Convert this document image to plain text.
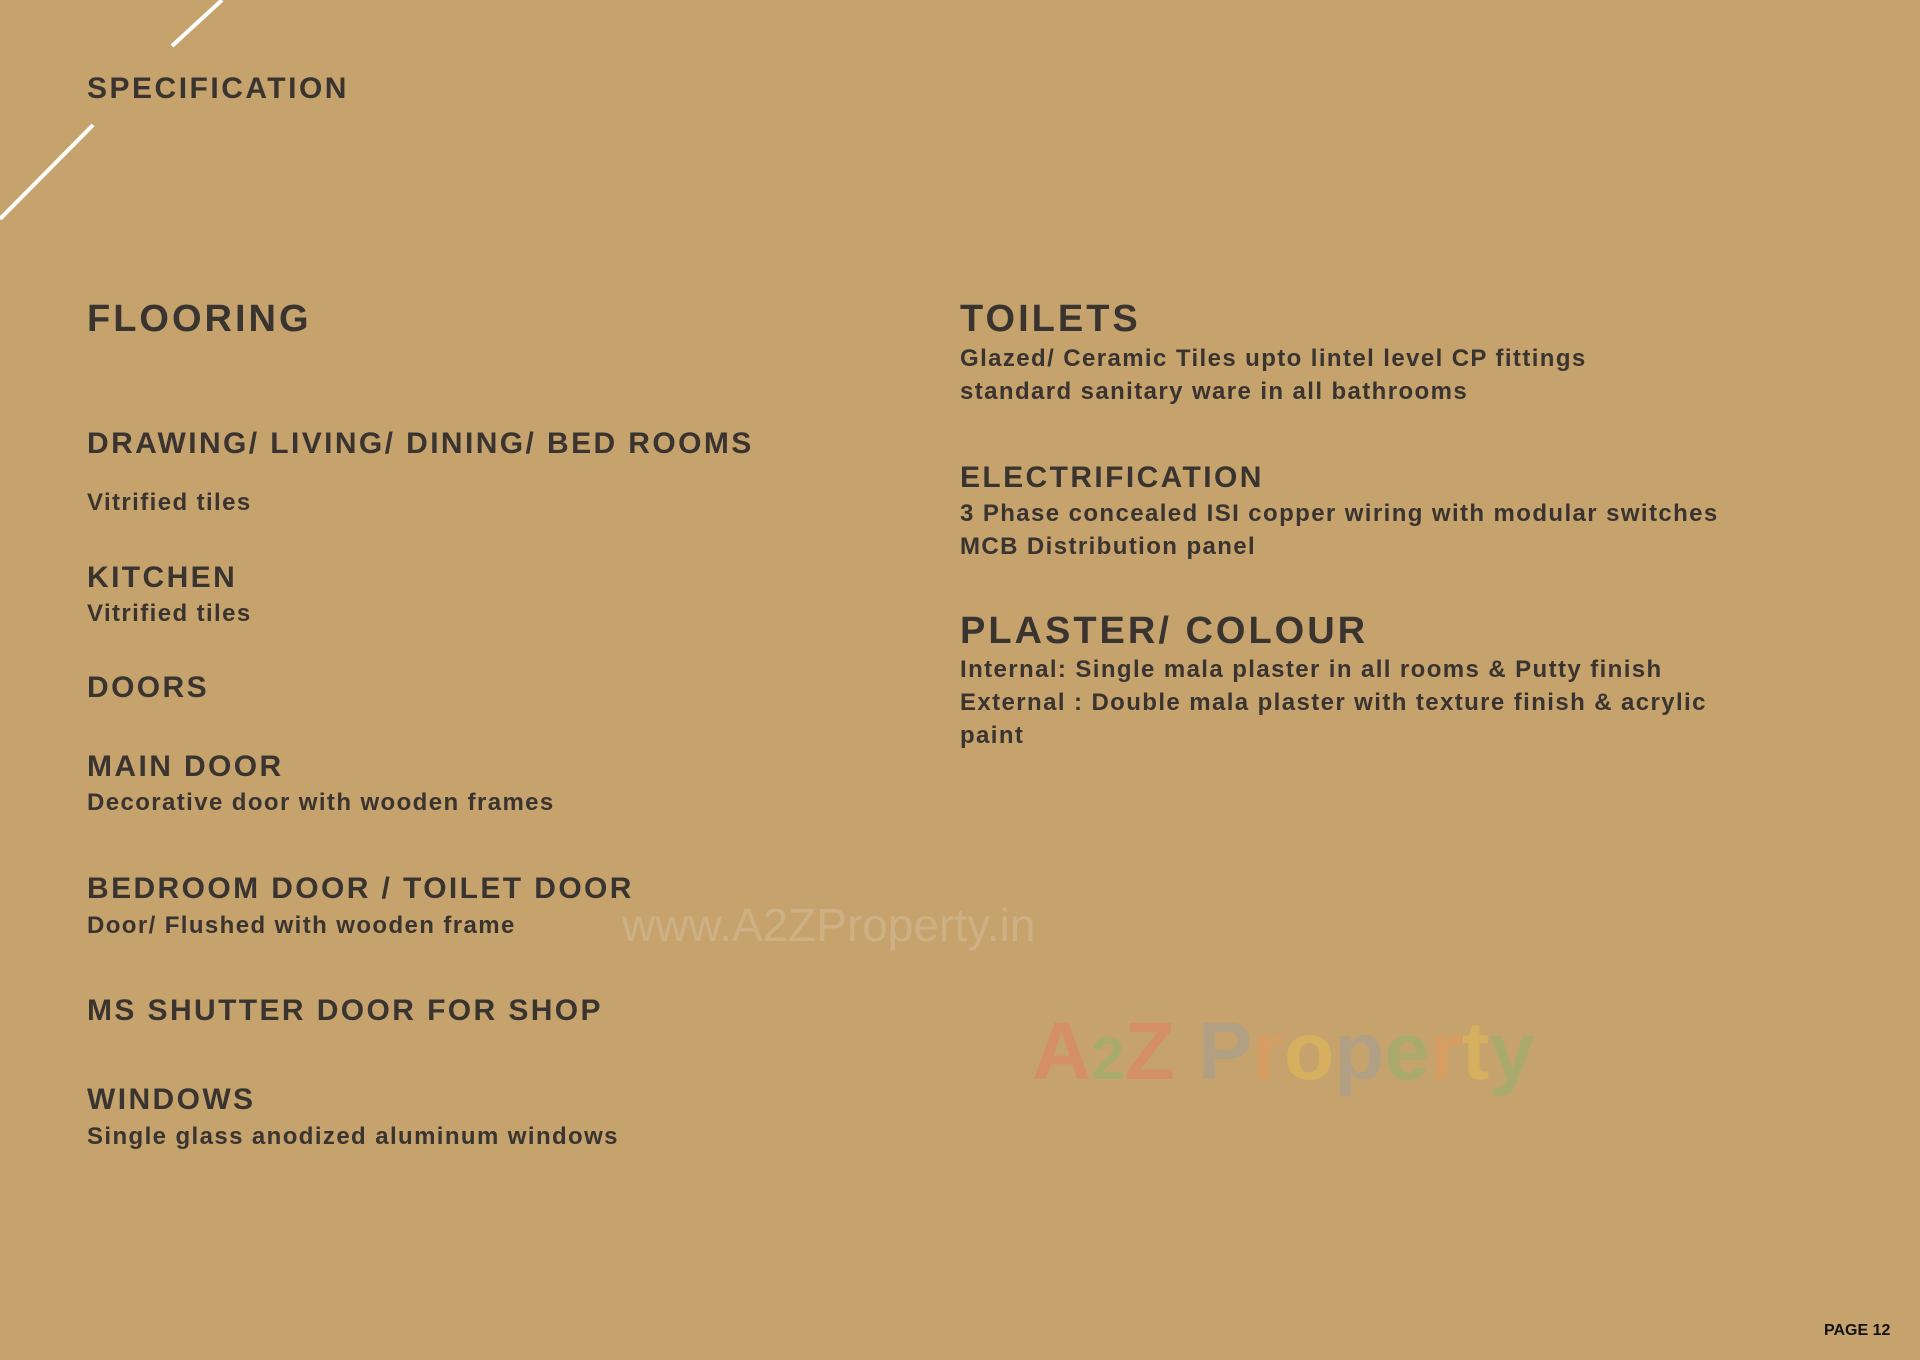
SPECIFICATION
FLOORING
DRAWING/ LIVING/ DINING/ BED ROOMS
Vitrified tiles
KITCHEN
Vitrified tiles
DOORS
MAIN DOOR
Decorative door with wooden frames
BEDROOM DOOR / TOILET DOOR
Door/ Flushed with wooden frame
MS SHUTTER DOOR FOR SHOP
WINDOWS
Single glass anodized aluminum windows
TOILETS
Glazed/ Ceramic Tiles upto lintel level CP fittings
standard sanitary ware in all bathrooms
ELECTRIFICATION
3 Phase concealed ISI copper wiring with modular switches
MCB Distribution panel
PLASTER/ COLOUR
Internal: Single mala plaster in all rooms & Putty finish
External : Double mala plaster with texture finish & acrylic
paint
www.A2ZProperty.in
A2Z Property
PAGE 12
